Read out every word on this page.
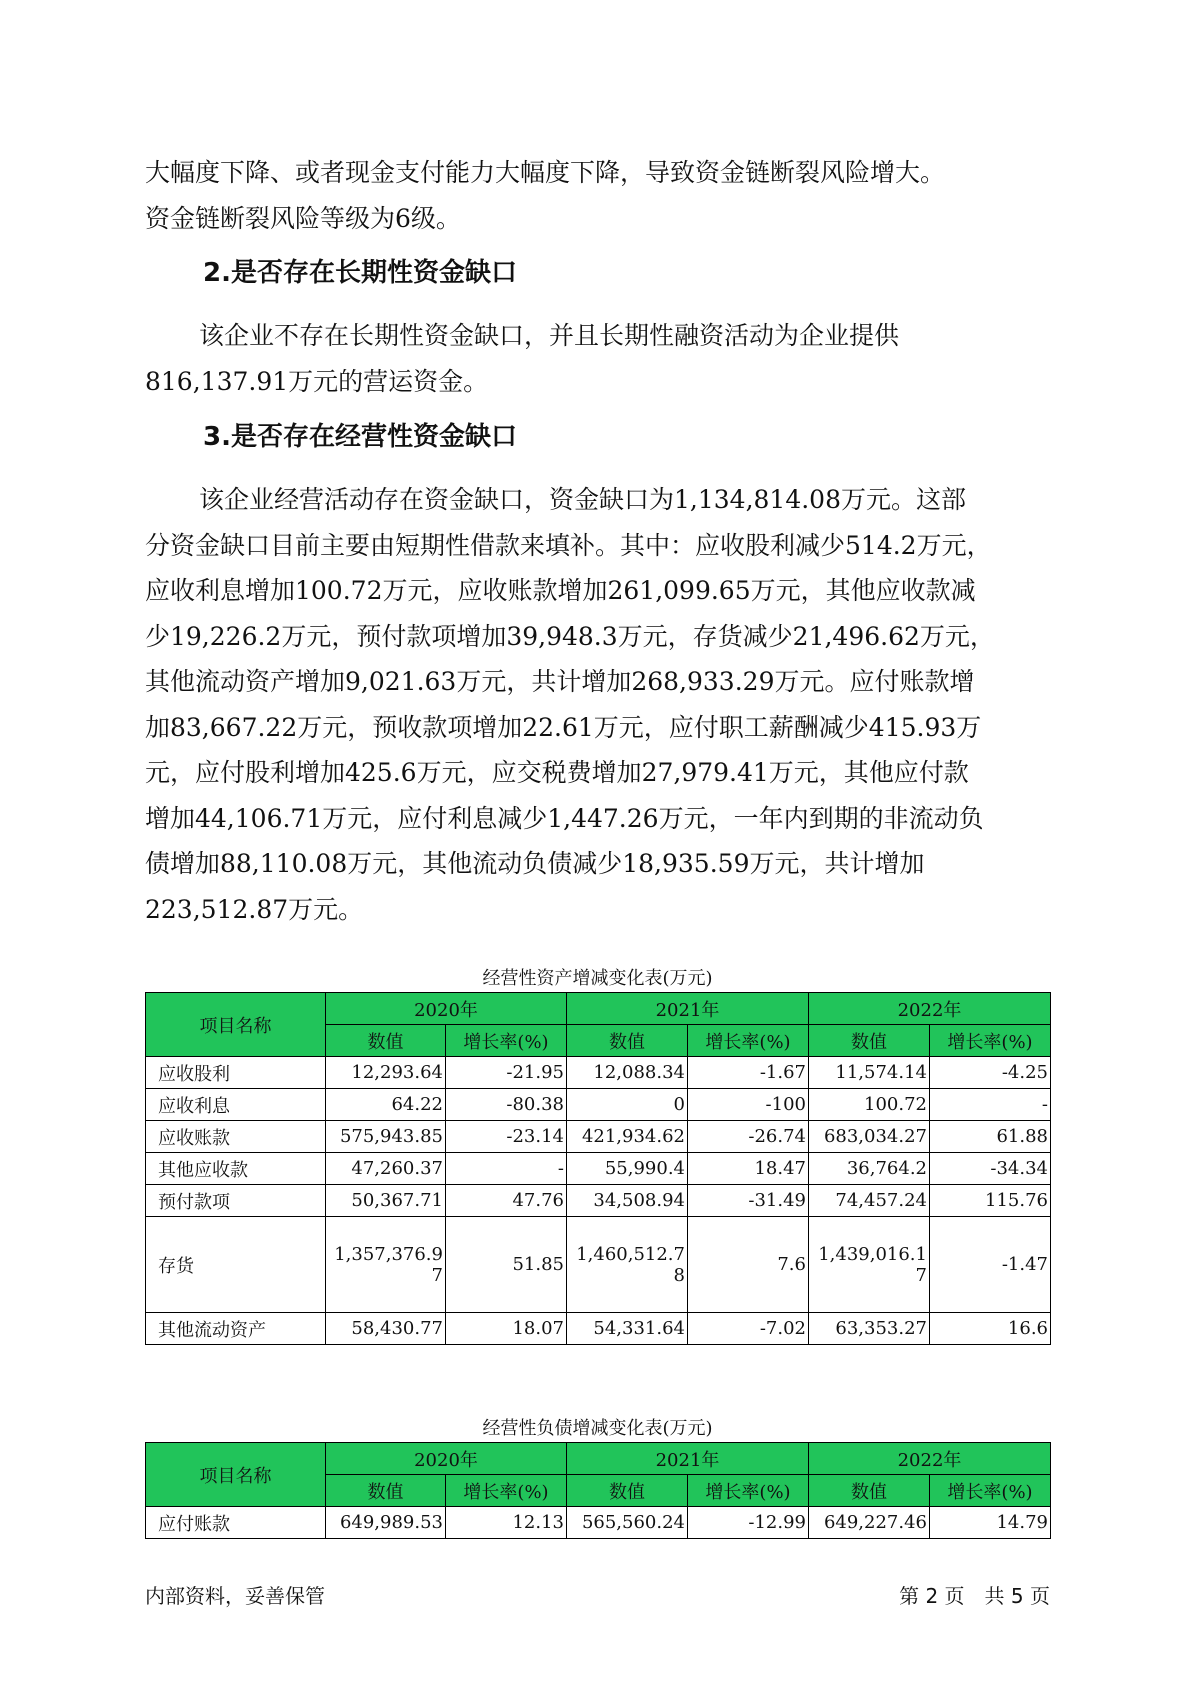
大幅度下降、或者现金支付能力大幅度下降，导致资金链断裂风险增大。
资金链断裂风险等级为6级。

2.是否存在长期性资金缺口

该企业不存在长期性资金缺口，并且长期性融资活动为企业提供
816,137.91万元的营运资金。

3.是否存在经营性资金缺口

该企业经营活动存在资金缺口，资金缺口为1,134,814.08万元。这部
分资金缺口目前主要由短期性借款来填补。其中：应收股利减少514.2万元，
应收利息增加100.72万元，应收账款增加261,099.65万元，其他应收款减
少19,226.2万元，预付款项增加39,948.3万元，存货减少21,496.62万元，
其他流动资产增加9,021.63万元，共计增加268,933.29万元。应付账款增
加83,667.22万元，预收款项增加22.61万元，应付职工薪酬减少415.93万
元，应付股利增加425.6万元，应交税费增加27,979.41万元，其他应付款
增加44,106.71万元，应付利息减少1,447.26万元，一年内到期的非流动负
债增加88,110.08万元，其他流动负债减少18,935.59万元，共计增加
223,512.87万元。

经营性资产增减变化表(万元)

项目名称	2020年		2021年		2022年	
	数值	增长率(%)	数值	增长率(%)	数值	增长率(%)
应收股利	12,293.64	-21.95	12,088.34	-1.67	11,574.14	-4.25
应收利息	64.22	-80.38	0	-100	100.72	-
应收账款	575,943.85	-23.14	421,934.62	-26.74	683,034.27	61.88
其他应收款	47,260.37	-	55,990.4	18.47	36,764.2	-34.34
预付款项	50,367.71	47.76	34,508.94	-31.49	74,457.24	115.76
存货	1,357,376.97	51.85	1,460,512.78	7.6	1,439,016.17	-1.47
其他流动资产	58,430.77	18.07	54,331.64	-7.02	63,353.27	16.6

经营性负债增减变化表(万元)

项目名称	2020年		2021年		2022年	
	数值	增长率(%)	数值	增长率(%)	数值	增长率(%)
应付账款	649,989.53	12.13	565,560.24	-12.99	649,227.46	14.79
内部资料，妥善保管	第 2 页　共 5 页
